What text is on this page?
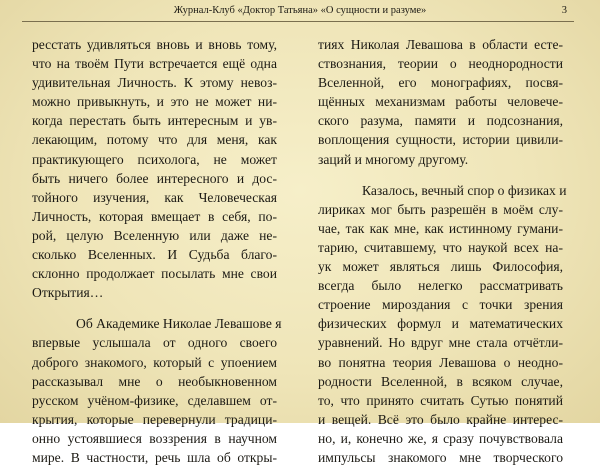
Журнал-Клуб «Доктор Татьяна» «О сущности и разуме»	3
ресстать удивляться вновь и вновь тому,
что на твоём Пути встречается ещё одна
удивительная Личность. К этому невоз-
можно привыкнуть, и это не может ни-
когда перестать быть интересным и ув-
лекающим, потому что для меня, как
практикующего психолога, не может
быть ничего более интересного и дос-
тойного изучения, как Человеческая
Личность, которая вмещает в себя, по-
рой, целую Вселенную или даже не-
сколько Вселенных. И Судьба благо-
склонно продолжает посылать мне свои
Открытия…
Об Академике Николае Левашове я
впервые услышала от одного своего
доброго знакомого, который с упоением
рассказывал мне о необыкновенном
русском учёном-физике, сделавшем от-
крытия, которые перевернули традици-
онно устоявшиеся воззрения в научном
мире. В частности, речь шла об откры-
тиях Николая Левашова в области есте-
ствознания, теории о неоднородности
Вселенной, его монографиях, посвя-
щённых механизмам работы человече-
ского разума, памяти и подсознания,
воплощения сущности, истории цивили-
заций и многому другому.
Казалось, вечный спор о физиках и
лириках мог быть разрешён в моём слу-
чае, так как мне, как истинному гумани-
тарию, считавшему, что наукой всех на-
ук может являться лишь Философия,
всегда было нелегко рассматривать
строение мироздания с точки зрения
физических формул и математических
уравнений. Но вдруг мне стала отчётли-
во понятна теория Левашова о неодно-
родности Вселенной, в всяком случае,
то, что принято считать Сутью понятий
и вещей. Всё это было крайне интерес-
но, и, конечно же, я сразу почувствовала
импульсы знакомого мне творческого
